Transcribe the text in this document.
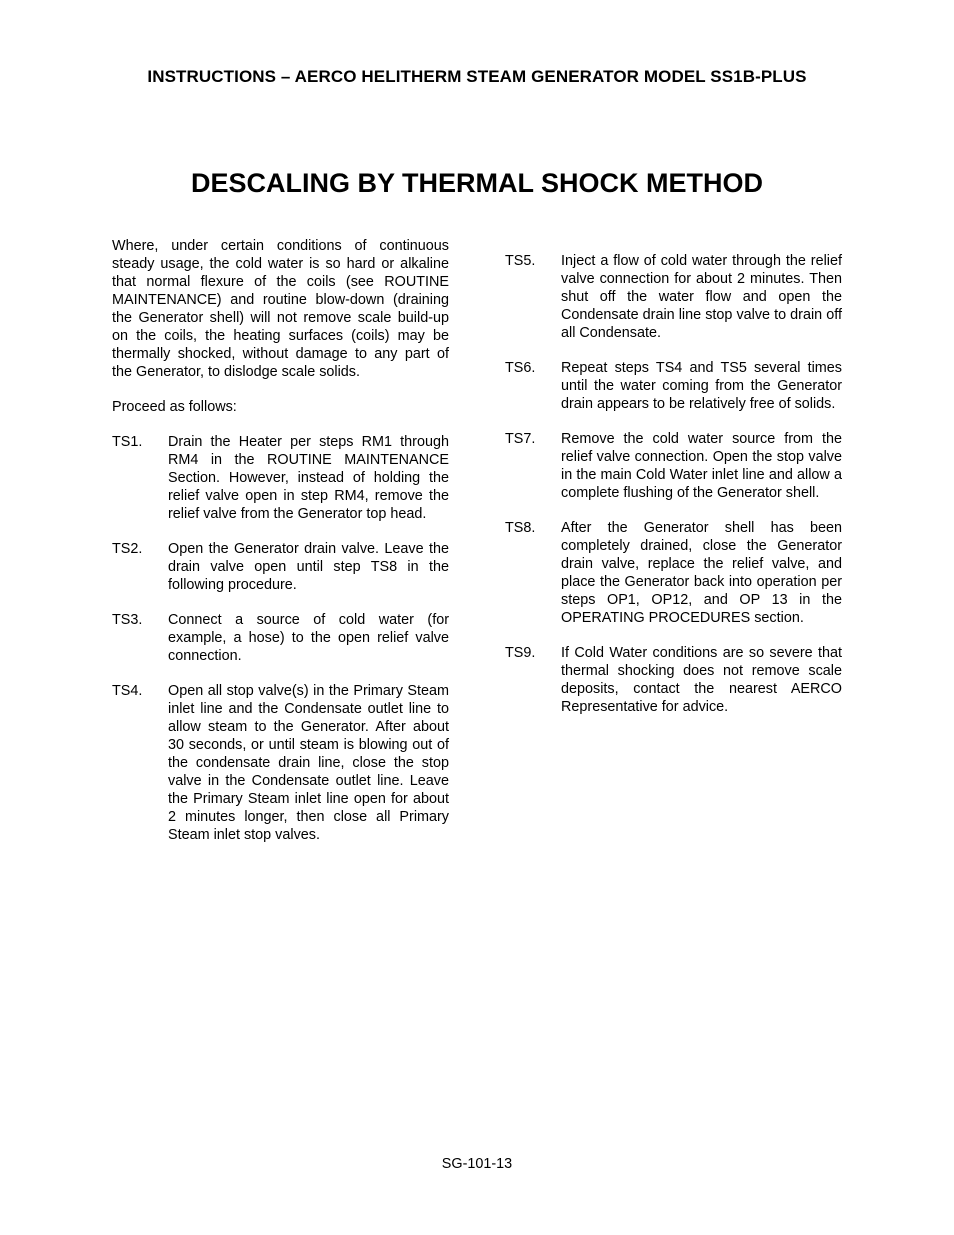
INSTRUCTIONS – AERCO HELITHERM STEAM GENERATOR MODEL SS1B-PLUS
DESCALING BY THERMAL SHOCK METHOD

Where, under certain conditions of continuous steady usage, the cold water is so hard or alkaline that normal flexure of the coils (see ROUTINE MAINTENANCE) and routine blow-down (draining the Generator shell) will not remove scale build-up on the coils, the heating surfaces (coils) may be thermally shocked, without damage to any part of the Generator, to dislodge scale solids.

Proceed as follows:

TS1.	Drain the Heater per steps RM1 through RM4 in the ROUTINE MAINTENANCE Section. However, instead of holding the relief valve open in step RM4, remove the relief valve from the Generator top head.
TS2.	Open the Generator drain valve. Leave the drain valve open until step TS8 in the following procedure.
TS3.	Connect a source of cold water (for example, a hose) to the open relief valve connection.
TS4.	Open all stop valve(s) in the Primary Steam inlet line and the Condensate outlet line to allow steam to the Generator. After about 30 seconds, or until steam is blowing out of the condensate drain line, close the stop valve in the Condensate outlet line. Leave the Primary Steam inlet line open for about 2 minutes longer, then close all Primary Steam inlet stop valves.
TS5.	Inject a flow of cold water through the relief valve connection for about 2 minutes. Then shut off the water flow and open the Condensate drain line stop valve to drain off all Condensate.
TS6.	Repeat steps TS4 and TS5 several times until the water coming from the Generator drain appears to be relatively free of solids.
TS7.	Remove the cold water source from the relief valve connection. Open the stop valve in the main Cold Water inlet line and allow a complete flushing of the Generator shell.
TS8.	After the Generator shell has been completely drained, close the Generator drain valve, replace the relief valve, and place the Generator back into operation per steps OP1, OP12, and OP 13 in the OPERATING PROCEDURES section.
TS9.	If Cold Water conditions are so severe that thermal shocking does not remove scale deposits, contact the nearest AERCO Representative for advice.
SG-101-13
